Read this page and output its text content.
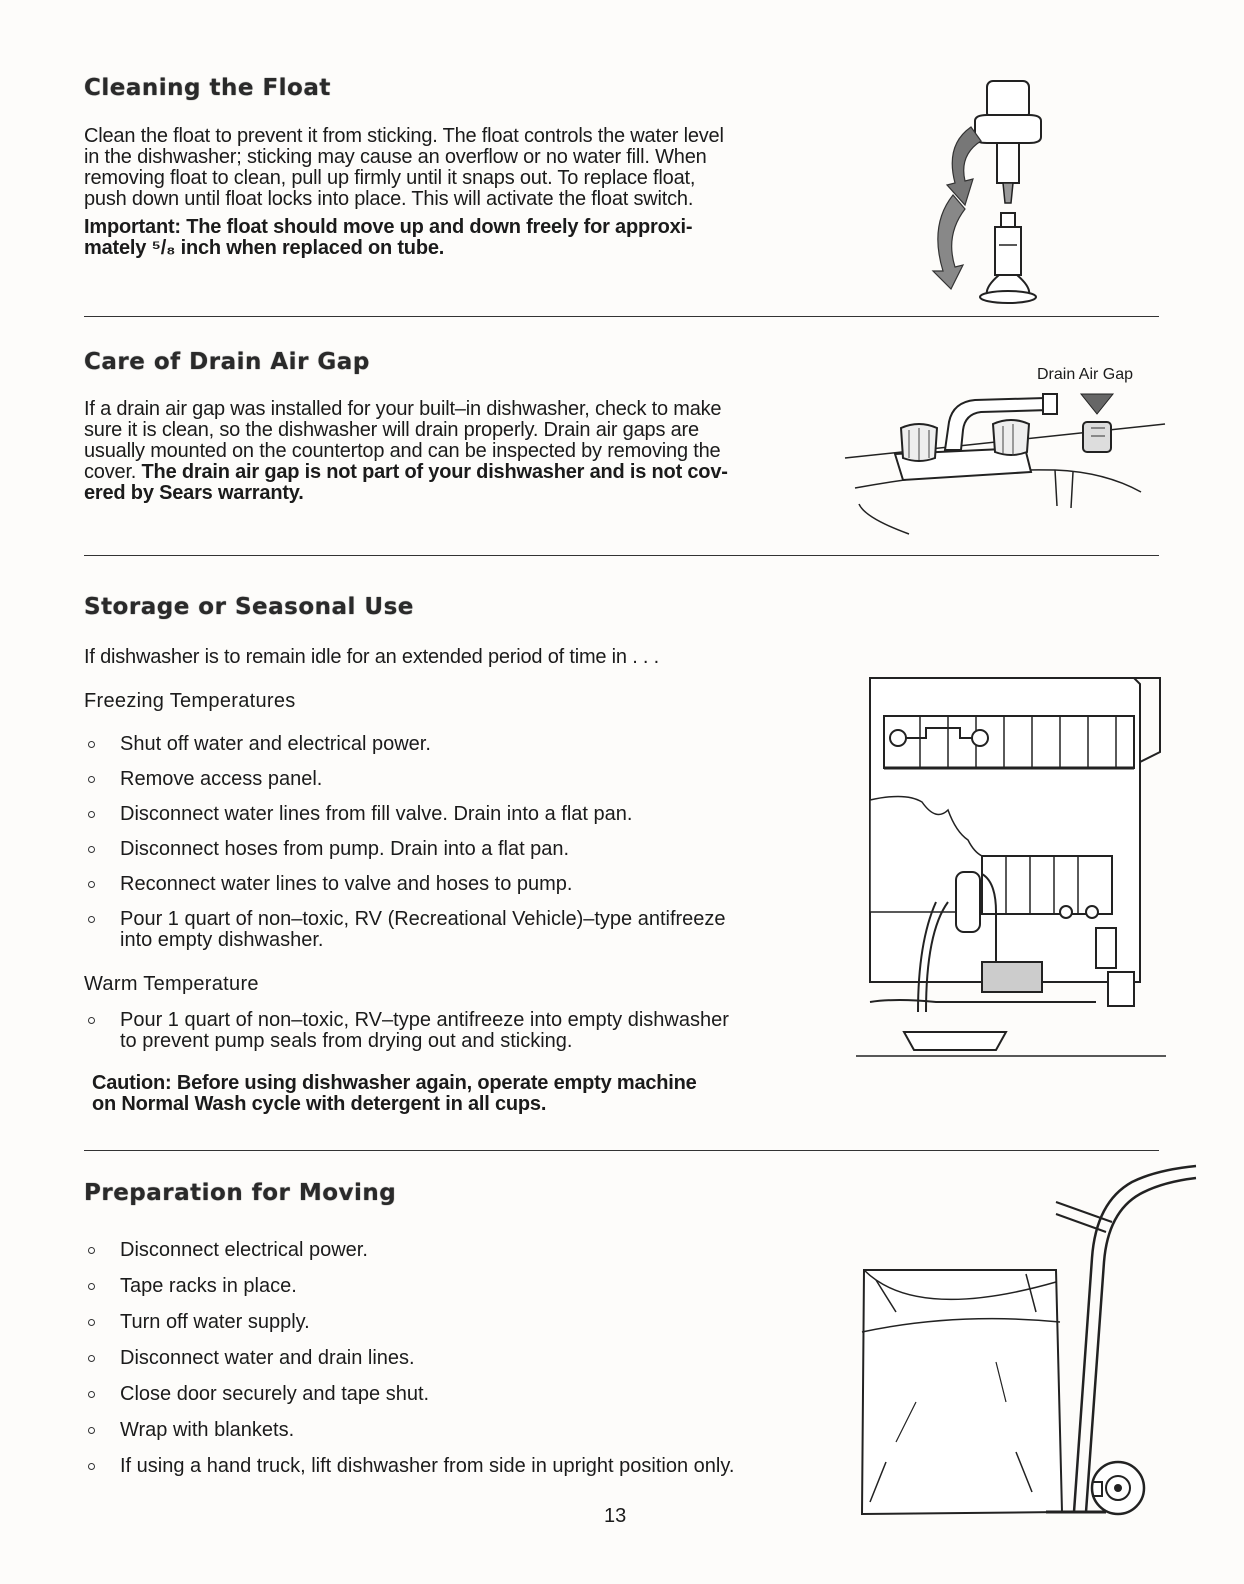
Cleaning the Float

Clean the float to prevent it from sticking. The float controls the water level

in the dishwasher; sticking may cause an overflow or no water fill. When

removing float to clean, pull up firmly until it snaps out. To replace float,

push down until float locks into place. This will activate the float switch.

Important: The float should move up and down freely for approxi-

mately ⁵/₈ inch when replaced on tube.

Care of Drain Air Gap

If a drain air gap was installed for your built–in dishwasher, check to make

sure it is clean, so the dishwasher will drain properly. Drain air gaps are

usually mounted on the countertop and can be inspected by removing the

cover. The drain air gap is not part of your dishwasher and is not cov-

ered by Sears warranty.

Drain Air Gap
Storage or Seasonal Use

If dishwasher is to remain idle for an extended period of time in . . .

Freezing Temperatures

Shut off water and electrical power.
Remove access panel.
Disconnect water lines from fill valve. Drain into a flat pan.
Disconnect hoses from pump. Drain into a flat pan.
Reconnect water lines to valve and hoses to pump.
Pour 1 quart of non–toxic, RV (Recreational Vehicle)–type antifreeze
into empty dishwasher.

Warm Temperature

Pour 1 quart of non–toxic, RV–type antifreeze into empty dishwasher
to prevent pump seals from drying out and sticking.

Caution: Before using dishwasher again, operate empty machine

on Normal Wash cycle with detergent in all cups.

Preparation for Moving
Disconnect electrical power.
Tape racks in place.
Turn off water supply.
Disconnect water and drain lines.
Close door securely and tape shut.
Wrap with blankets.
If using a hand truck, lift dishwasher from side in upright position only.
13
